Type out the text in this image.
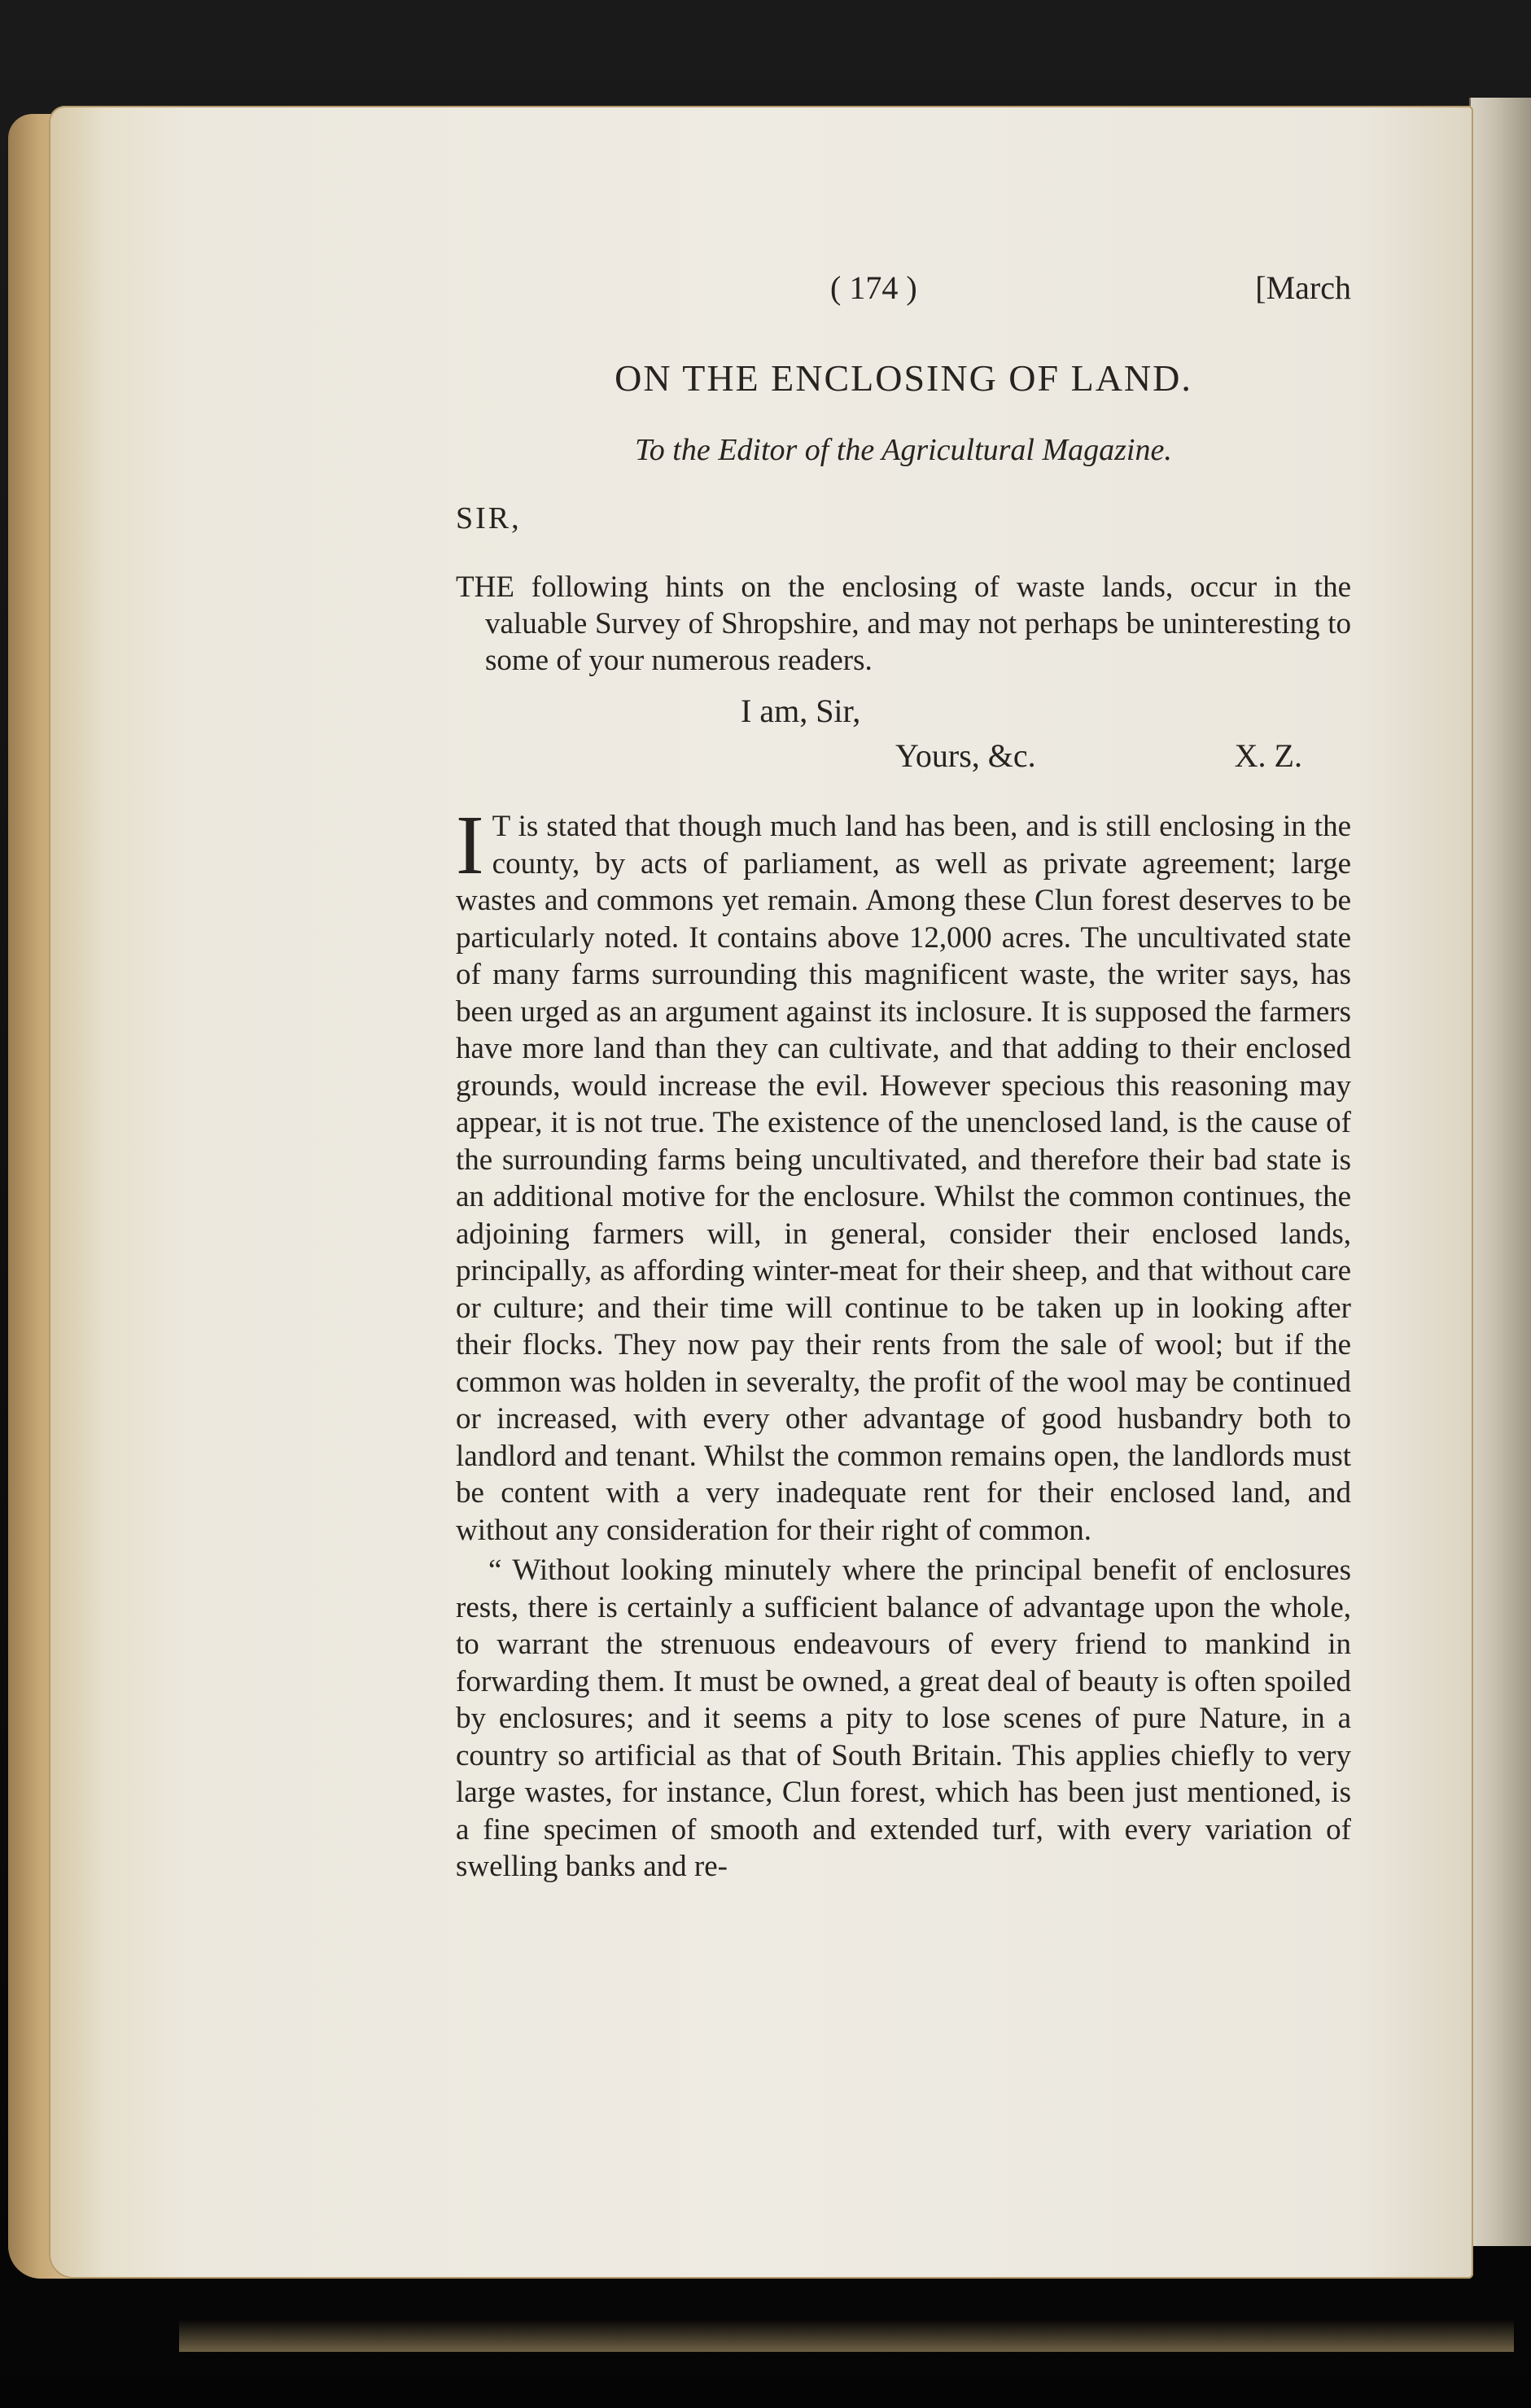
( 174 )	[March
ON THE ENCLOSING OF LAND.
To the Editor of the Agricultural Magazine.
SIR,
THE following hints on the enclosing of waste lands, occur in the valuable Survey of Shropshire, and may not perhaps be uninteresting to some of your numerous readers.
I am, Sir,
Yours, &c.	X. Z.
I T is stated that though much land has been, and is still enclosing in the county, by acts of parliament, as well as private agreement; large wastes and commons yet remain. Among these Clun forest deserves to be particularly noted. It contains above 12,000 acres. The uncultivated state of many farms surrounding this magnificent waste, the writer says, has been urged as an argument against its inclosure. It is supposed the farmers have more land than they can cultivate, and that adding to their enclosed grounds, would increase the evil. However specious this reasoning may appear, it is not true. The existence of the unenclosed land, is the cause of the surrounding farms being uncultivated, and therefore their bad state is an additional motive for the enclosure. Whilst the common continues, the adjoining farmers will, in general, consider their enclosed lands, principally, as affording winter-meat for their sheep, and that without care or culture; and their time will continue to be taken up in looking after their flocks. They now pay their rents from the sale of wool; but if the common was holden in severalty, the profit of the wool may be continued or increased, with every other advantage of good husbandry both to landlord and tenant. Whilst the common remains open, the landlords must be content with a very inadequate rent for their enclosed land, and without any consideration for their right of common.
“ Without looking minutely where the principal benefit of enclosures rests, there is certainly a sufficient balance of advantage upon the whole, to warrant the strenuous endeavours of every friend to mankind in forwarding them. It must be owned, a great deal of beauty is often spoiled by enclosures; and it seems a pity to lose scenes of pure Nature, in a country so artificial as that of South Britain. This applies chiefly to very large wastes, for instance, Clun forest, which has been just mentioned, is a fine specimen of smooth and extended turf, with every variation of swelling banks and re-
